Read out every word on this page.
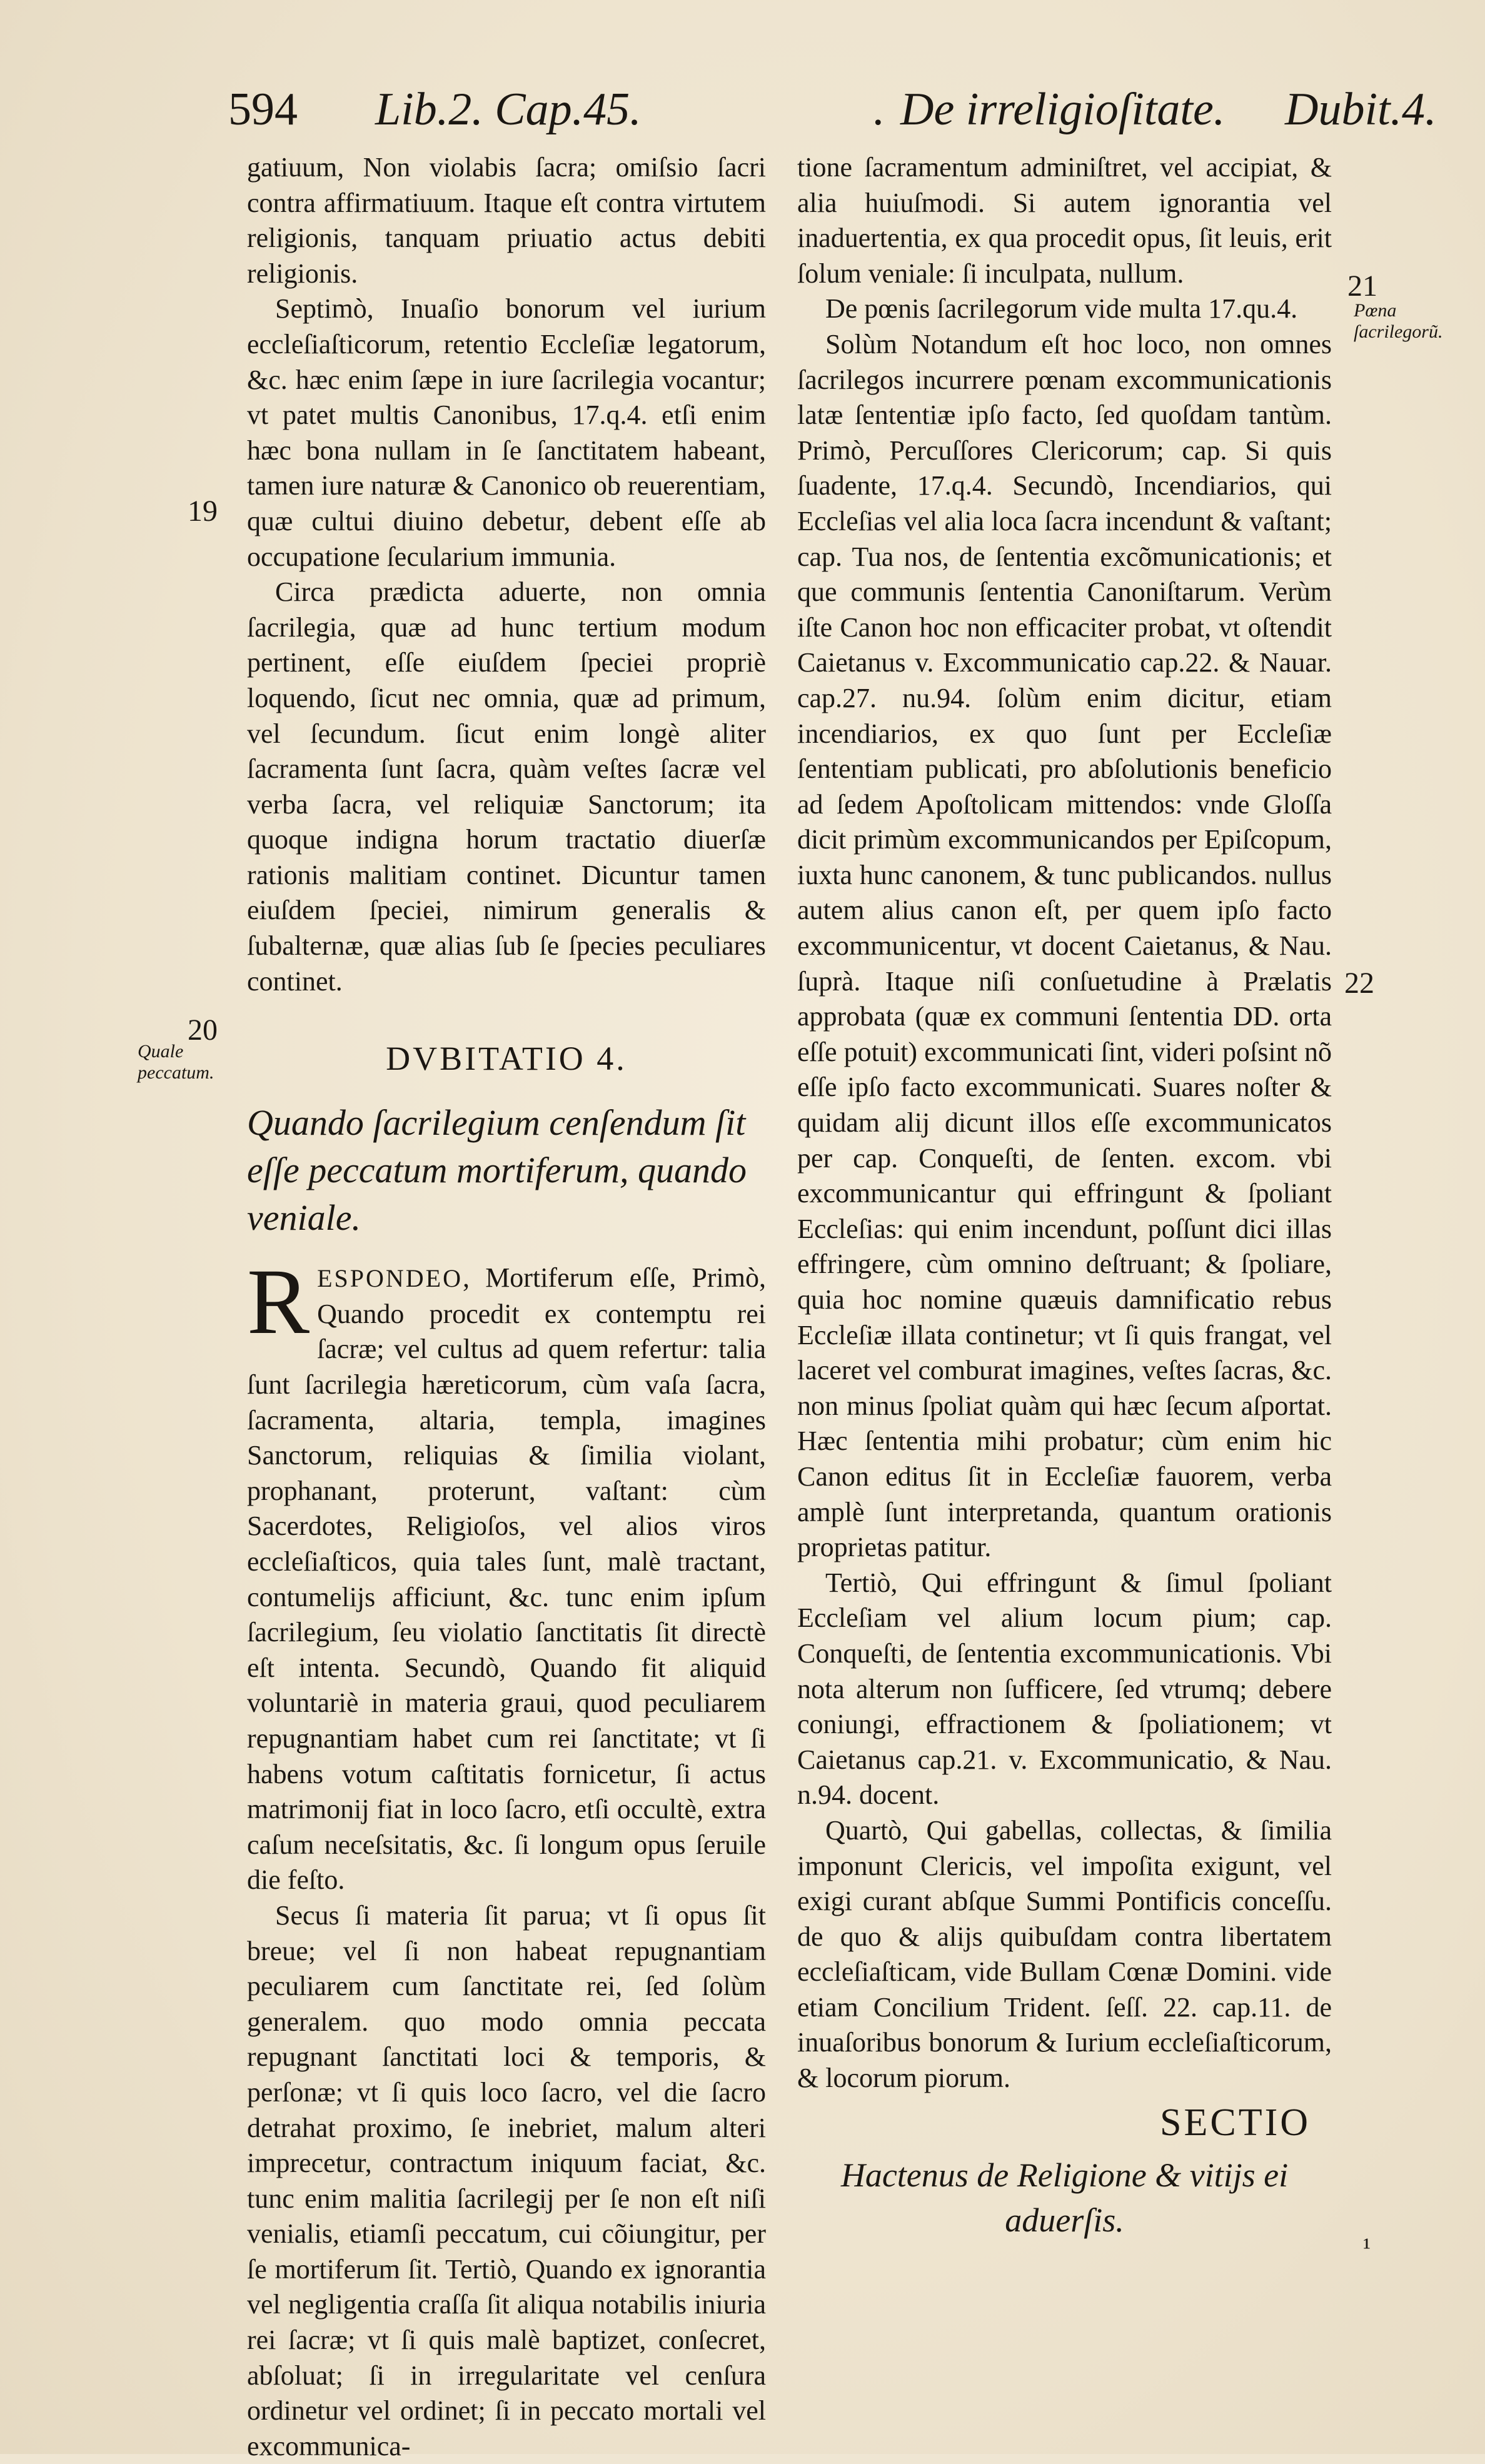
594 Lib.2. Cap.45.	. De irreligioſitate. Dubit.4.

gatiuum, Non violabis ſacra; omiſsio ſacri contra affirmatiuum. Itaque eſt contra virtutem religionis, tanquam priuatio actus debiti religionis.

Septimò, Inuaſio bonorum vel iurium eccleſiaſticorum, retentio Eccleſiæ legatorum, &c. hæc enim ſæpe in iure ſacrilegia vocantur; vt patet multis Canonibus, 17.q.4. etſi enim hæc bona nullam in ſe ſanctitatem habeant, tamen iure naturæ & Canonico ob reuerentiam, quæ cultui diuino debetur, debent eſſe ab occupatione ſecularium immunia.

Circa prædicta aduerte, non omnia ſacrilegia, quæ ad hunc tertium modum pertinent, eſſe eiuſdem ſpeciei propriè loquendo, ſicut nec omnia, quæ ad primum, vel ſecundum. ſicut enim longè aliter ſacramenta ſunt ſacra, quàm veſtes ſacræ vel verba ſacra, vel reliquiæ Sanctorum; ita quoque indigna horum tractatio diuerſæ rationis malitiam continet. Dicuntur tamen eiuſdem ſpeciei, nimirum generalis & ſubalternæ, quæ alias ſub ſe ſpecies peculiares continet.

DVBITATIO 4.

Quando ſacrilegium cenſendum ſit eſſe peccatum mortiferum, quando veniale.

RESPONDEO, Mortiferum eſſe, Primò, Quando procedit ex contemptu rei ſacræ; vel cultus ad quem refertur: talia ſunt ſacrilegia hæreticorum, cùm vaſa ſacra, ſacramenta, altaria, templa, imagines Sanctorum, reliquias & ſimilia violant, prophanant, proterunt, vaſtant: cùm Sacerdotes, Religioſos, vel alios viros eccleſiaſticos, quia tales ſunt, malè tractant, contumelijs afficiunt, &c. tunc enim ipſum ſacrilegium, ſeu violatio ſanctitatis ſit directè eſt intenta. Secundò, Quando fit aliquid voluntariè in materia graui, quod peculiarem repugnantiam habet cum rei ſanctitate; vt ſi habens votum caſtitatis fornicetur, ſi actus matrimonij fiat in loco ſacro, etſi occultè, extra caſum neceſsitatis, &c. ſi longum opus ſeruile die feſto.

Secus ſi materia ſit parua; vt ſi opus ſit breue; vel ſi non habeat repugnantiam peculiarem cum ſanctitate rei, ſed ſolùm generalem. quo modo omnia peccata repugnant ſanctitati loci & temporis, & perſonæ; vt ſi quis loco ſacro, vel die ſacro detrahat proximo, ſe inebriet, malum alteri imprecetur, contractum iniquum faciat, &c. tunc enim malitia ſacrilegij per ſe non eſt niſi venialis, etiamſi peccatum, cui cõiungitur, per ſe mortiferum ſit. Tertiò, Quando ex ignorantia vel negligentia craſſa ſit aliqua notabilis iniuria rei ſacræ; vt ſi quis malè baptizet, conſecret, abſoluat; ſi in irregularitate vel cenſura ordinetur vel ordinet; ſi in peccato mortali vel excommunica-

tione ſacramentum adminiſtret, vel accipiat, & alia huiuſmodi. Si autem ignorantia vel inaduertentia, ex qua procedit opus, ſit leuis, erit ſolum veniale: ſi inculpata, nullum.

De pœnis ſacrilegorum vide multa 17.qu.4.

Solùm Notandum eſt hoc loco, non omnes ſacrilegos incurrere pœnam excommunicationis latæ ſententiæ ipſo facto, ſed quoſdam tantùm. Primò, Percuſſores Clericorum; cap. Si quis ſuadente, 17.q.4. Secundò, Incendiarios, qui Eccleſias vel alia loca ſacra incendunt & vaſtant; cap. Tua nos, de ſententia excõmunicationis; et que communis ſententia Canoniſtarum. Verùm iſte Canon hoc non efficaciter probat, vt oſtendit Caietanus v. Excommunicatio cap.22. & Nauar. cap.27. nu.94. ſolùm enim dicitur, etiam incendiarios, ex quo ſunt per Eccleſiæ ſententiam publicati, pro abſolutionis beneficio ad ſedem Apoſtolicam mittendos: vnde Gloſſa dicit primùm excommunicandos per Epiſcopum, iuxta hunc canonem, & tunc publicandos. nullus autem alius canon eſt, per quem ipſo facto excommunicentur, vt docent Caietanus, & Nau. ſuprà. Itaque niſi conſuetudine à Prælatis approbata (quæ ex communi ſententia DD. orta eſſe potuit) excommunicati ſint, videri poſsint nõ eſſe ipſo facto excommunicati. Suares noſter & quidam alij dicunt illos eſſe excommunicatos per cap. Conqueſti, de ſenten. excom. vbi excommunicantur qui effringunt & ſpoliant Eccleſias: qui enim incendunt, poſſunt dici illas effringere, cùm omnino deſtruant; & ſpoliare, quia hoc nomine quæuis damnificatio rebus Eccleſiæ illata continetur; vt ſi quis frangat, vel laceret vel comburat imagines, veſtes ſacras, &c. non minus ſpoliat quàm qui hæc ſecum aſportat. Hæc ſententia mihi probatur; cùm enim hic Canon editus ſit in Eccleſiæ fauorem, verba amplè ſunt interpretanda, quantum orationis proprietas patitur.

Tertiò, Qui effringunt & ſimul ſpoliant Eccleſiam vel alium locum pium; cap. Conqueſti, de ſententia excommunicationis. Vbi nota alterum non ſufficere, ſed vtrumq; debere coniungi, effractionem & ſpoliationem; vt Caietanus cap.21. v. Excommunicatio, & Nau. n.94. docent.

Quartò, Qui gabellas, collectas, & ſimilia imponunt Clericis, vel impoſita exigunt, vel exigi curant abſque Summi Pontificis conceſſu. de quo & alijs quibuſdam contra libertatem eccleſiaſticam, vide Bullam Cœnæ Domini. vide etiam Concilium Trident. ſeſſ. 22. cap.11. de inuaſoribus bonorum & Iurium eccleſiaſticorum, & locorum piorum.

Hactenus de Religione & vitijs ei aduerſis.

SECTIO
19
20
Quale peccatum.
21
Pœna ſacrilegorũ.
22
¹
